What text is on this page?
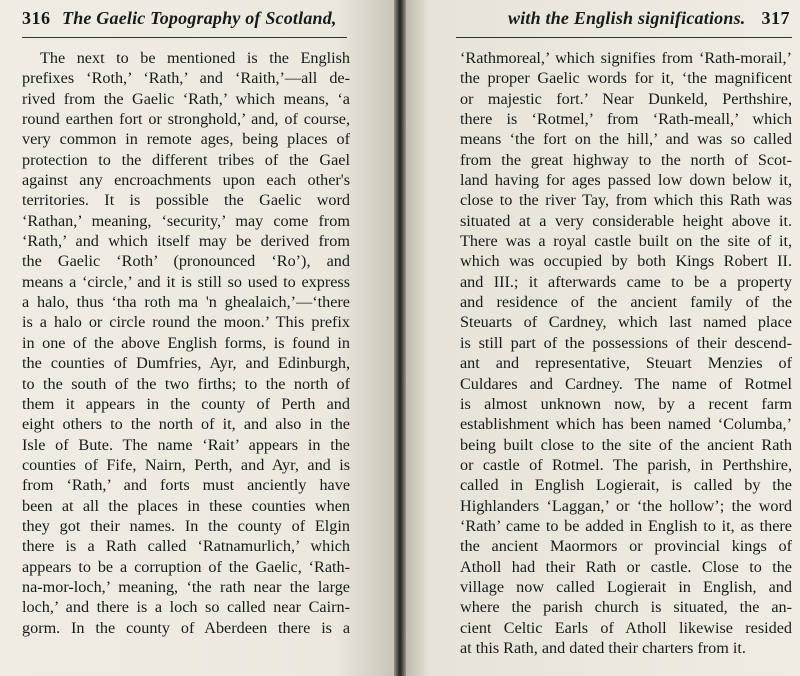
316 The Gaelic Topography of Scotland,
The next to be mentioned is the English
prefixes ‘Roth,’ ‘Rath,’ and ‘Raith,’—all de-
rived from the Gaelic ‘Rath,’ which means, ‘a
round earthen fort or stronghold,’ and, of course,
very common in remote ages, being places of
protection to the different tribes of the Gael
against any encroachments upon each other's
territories. It is possible the Gaelic word
‘Rathan,’ meaning, ‘security,’ may come from
‘Rath,’ and which itself may be derived from
the Gaelic ‘Roth’ (pronounced ‘Ro’), and
means a ‘circle,’ and it is still so used to express
a halo, thus ‘tha roth ma 'n ghealaich,’—‘there
is a halo or circle round the moon.’ This prefix
in one of the above English forms, is found in
the counties of Dumfries, Ayr, and Edinburgh,
to the south of the two firths; to the north of
them it appears in the county of Perth and
eight others to the north of it, and also in the
Isle of Bute. The name ‘Rait’ appears in the
counties of Fife, Nairn, Perth, and Ayr, and is
from ‘Rath,’ and forts must anciently have
been at all the places in these counties when
they got their names. In the county of Elgin
there is a Rath called ‘Ratnamurlich,’ which
appears to be a corruption of the Gaelic, ‘Rath-
na-mor-loch,’ meaning, ‘the rath near the large
loch,’ and there is a loch so called near Cairn-
gorm. In the county of Aberdeen there is a
with the English significations. 317
‘Rathmoreal,’ which signifies from ‘Rath-morail,’
the proper Gaelic words for it, ‘the magnificent
or majestic fort.’ Near Dunkeld, Perthshire,
there is ‘Rotmel,’ from ‘Rath-meall,’ which
means ‘the fort on the hill,’ and was so called
from the great highway to the north of Scot-
land having for ages passed low down below it,
close to the river Tay, from which this Rath was
situated at a very considerable height above it.
There was a royal castle built on the site of it,
which was occupied by both Kings Robert II.
and III.; it afterwards came to be a property
and residence of the ancient family of the
Steuarts of Cardney, which last named place
is still part of the possessions of their descend-
ant and representative, Steuart Menzies of
Culdares and Cardney. The name of Rotmel
is almost unknown now, by a recent farm
establishment which has been named ‘Columba,’
being built close to the site of the ancient Rath
or castle of Rotmel. The parish, in Perthshire,
called in English Logierait, is called by the
Highlanders ‘Laggan,’ or ‘the hollow’; the word
‘Rath’ came to be added in English to it, as there
the ancient Maormors or provincial kings of
Atholl had their Rath or castle. Close to the
village now called Logierait in English, and
where the parish church is situated, the an-
cient Celtic Earls of Atholl likewise resided
at this Rath, and dated their charters from it.
